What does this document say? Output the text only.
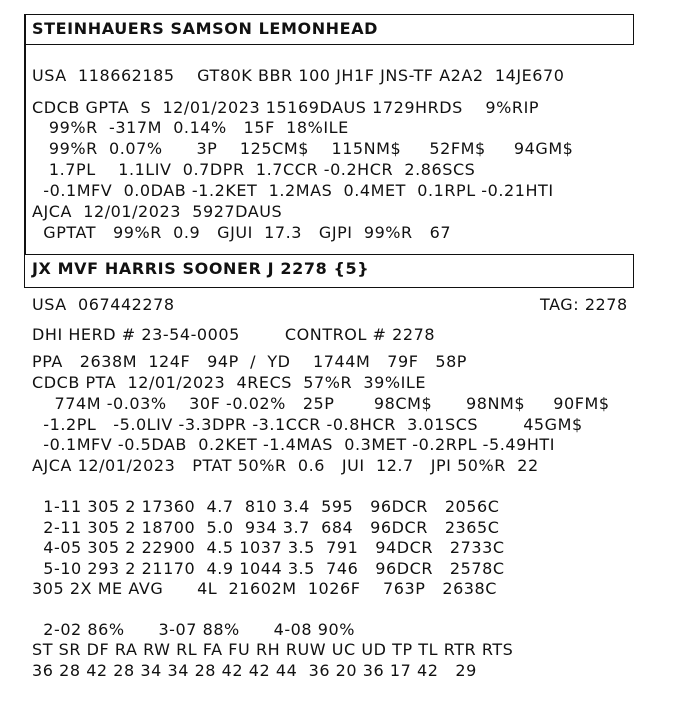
STEINHAUERS SAMSON LEMONHEAD
USA  118662185    GT80K BBR 100 JH1F JNS-TF A2A2  14JE670
CDCB GPTA  S  12/01/2023 15169DAUS 1729HRDS    9%RIP
99%R  -317M  0.14%   15F  18%ILE
99%R  0.07%      3P    125CM$    115NM$     52FM$     94GM$
1.7PL    1.1LIV  0.7DPR  1.7CCR -0.2HCR  2.86SCS
-0.1MFV  0.0DAB -1.2KET  1.2MAS  0.4MET  0.1RPL -0.21HTI
AJCA  12/01/2023  5927DAUS
GPTAT   99%R  0.9   GJUI  17.3   GJPI  99%R   67
JX MVF HARRIS SOONER J 2278 {5}
USA  067442278	TAG: 2278
DHI HERD # 23-54-0005        CONTROL # 2278
PPA   2638M  124F   94P  /  YD    1744M   79F   58P
CDCB PTA  12/01/2023  4RECS  57%R  39%ILE
774M -0.03%    30F -0.02%   25P       98CM$      98NM$     90FM$
-1.2PL   -5.0LIV -3.3DPR -3.1CCR -0.8HCR  3.01SCS        45GM$
-0.1MFV -0.5DAB  0.2KET -1.4MAS  0.3MET -0.2RPL -5.49HTI
AJCA 12/01/2023   PTAT 50%R  0.6   JUI  12.7   JPI 50%R  22
1-11 305 2 17360  4.7  810 3.4  595   96DCR   2056C
2-11 305 2 18700  5.0  934 3.7  684   96DCR   2365C
4-05 305 2 22900  4.5 1037 3.5  791   94DCR   2733C
5-10 293 2 21170  4.9 1044 3.5  746   96DCR   2578C
305 2X ME AVG      4L  21602M  1026F    763P   2638C
2-02 86%      3-07 88%      4-08 90%
ST SR DF RA RW RL FA FU RH RUW UC UD TP TL RTR RTS
36 28 42 28 34 34 28 42 42 44  36 20 36 17 42   29
